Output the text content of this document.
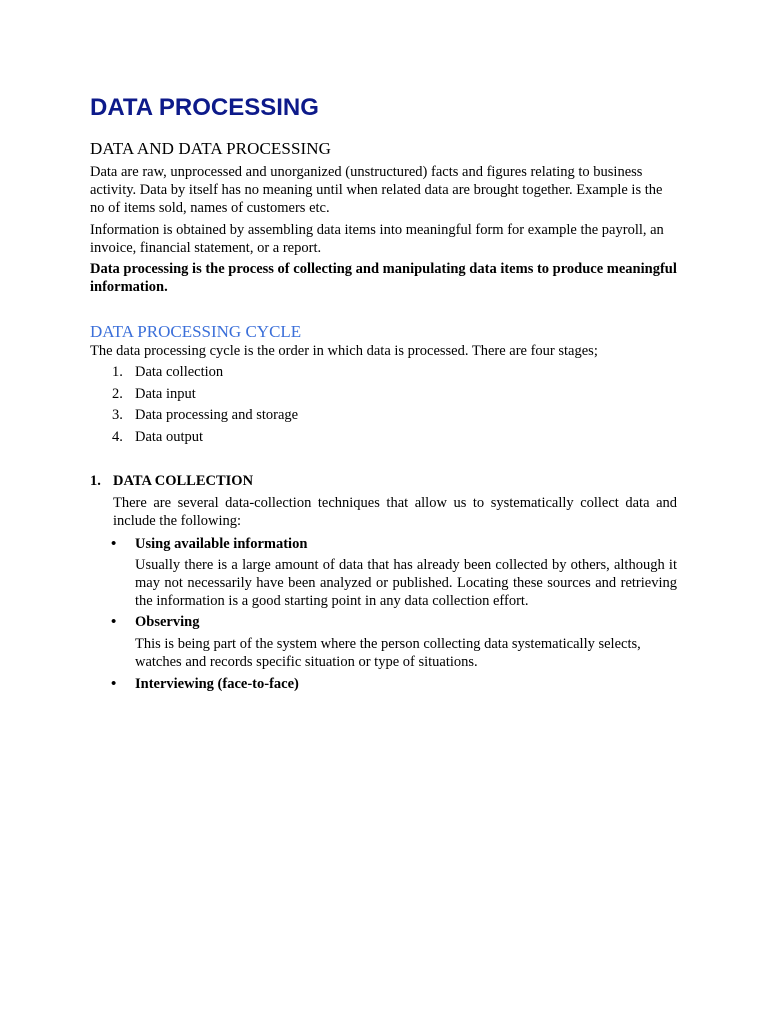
DATA PROCESSING
DATA AND DATA PROCESSING

Data are raw, unprocessed and unorganized (unstructured) facts and figures relating to business activity. Data by itself has no meaning until when related data are brought together. Example is the no of items sold, names of customers etc.

Information is obtained by assembling data items into meaningful form for example the payroll, an invoice, financial statement, or a report.

Data processing is the process of collecting and manipulating data items to produce meaningful information.

DATA PROCESSING CYCLE

The data processing cycle is the order in which data is processed. There are four stages;

1. Data collection
2. Data input
3. Data processing and storage
4. Data output
1. DATA COLLECTION

There are several data-collection techniques that allow us to systematically collect data and include the following:

• Using available information

Usually there is a large amount of data that has already been collected by others, although it may not necessarily have been analyzed or published. Locating these sources and retrieving the information is a good starting point in any data collection effort.

• Observing

This is being part of the system where the person collecting data systematically selects, watches and records specific situation or type of situations.

• Interviewing (face-to-face)
